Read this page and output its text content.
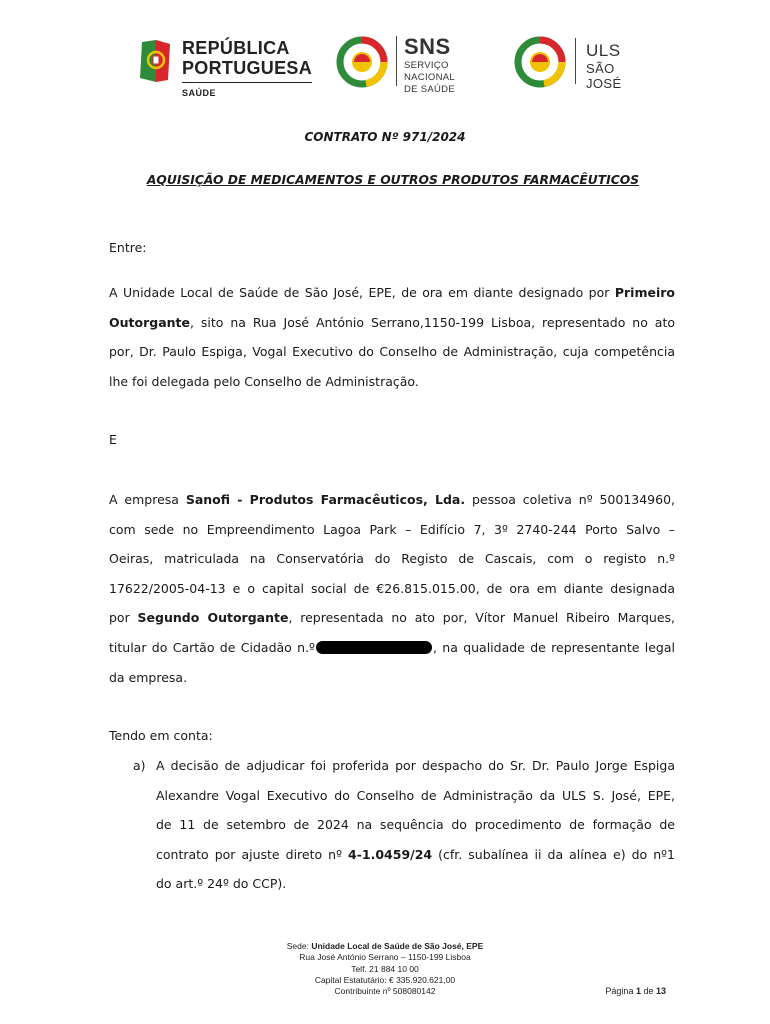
REPÚBLICA
PORTUGUESA
SAÚDE
SNS
SERVIÇO NACIONAL
DE SAÚDE
ULS
SÃO JOSÉ
CONTRATO Nº 971/2024
AQUISIÇÃO DE MEDICAMENTOS E OUTROS PRODUTOS FARMACÊUTICOS
Entre:
A Unidade Local de Saúde de São José, EPE, de ora em diante designado por Primeiro
Outorgante, sito na Rua José António Serrano,1150-199 Lisboa, representado no ato
por, Dr. Paulo Espiga, Vogal Executivo do Conselho de Administração, cuja competência
lhe foi delegada pelo Conselho de Administração.
E
A empresa Sanofi - Produtos Farmacêuticos, Lda. pessoa coletiva nº 500134960,
com sede no Empreendimento Lagoa Park – Edifício 7, 3º 2740-244 Porto Salvo –
Oeiras, matriculada na Conservatória do Registo de Cascais, com o registo n.º
17622/2005-04-13 e o capital social de €26.815.015.00, de ora em diante designada
por Segundo Outorgante, representada no ato por, Vítor Manuel Ribeiro Marques,
titular do Cartão de Cidadão n.º	, na qualidade de representante legal
da empresa.
Tendo em conta:
a) A decisão de adjudicar foi proferida por despacho do Sr. Dr. Paulo Jorge Espiga
Alexandre Vogal Executivo do Conselho de Administração da ULS S. José, EPE,
de 11 de setembro de 2024 na sequência do procedimento de formação de
contrato por ajuste direto nº 4-1.0459/24 (cfr. subalínea ii da alínea e) do nº1
do art.º 24º do CCP).
Sede: Unidade Local de Saúde de São José, EPE
Rua José António Serrano – 1150-199 Lisboa
Telf. 21 884 10 00
Capital Estatutário: € 335.920.621,00
Contribuinte nº 508080142	Página 1 de 13
